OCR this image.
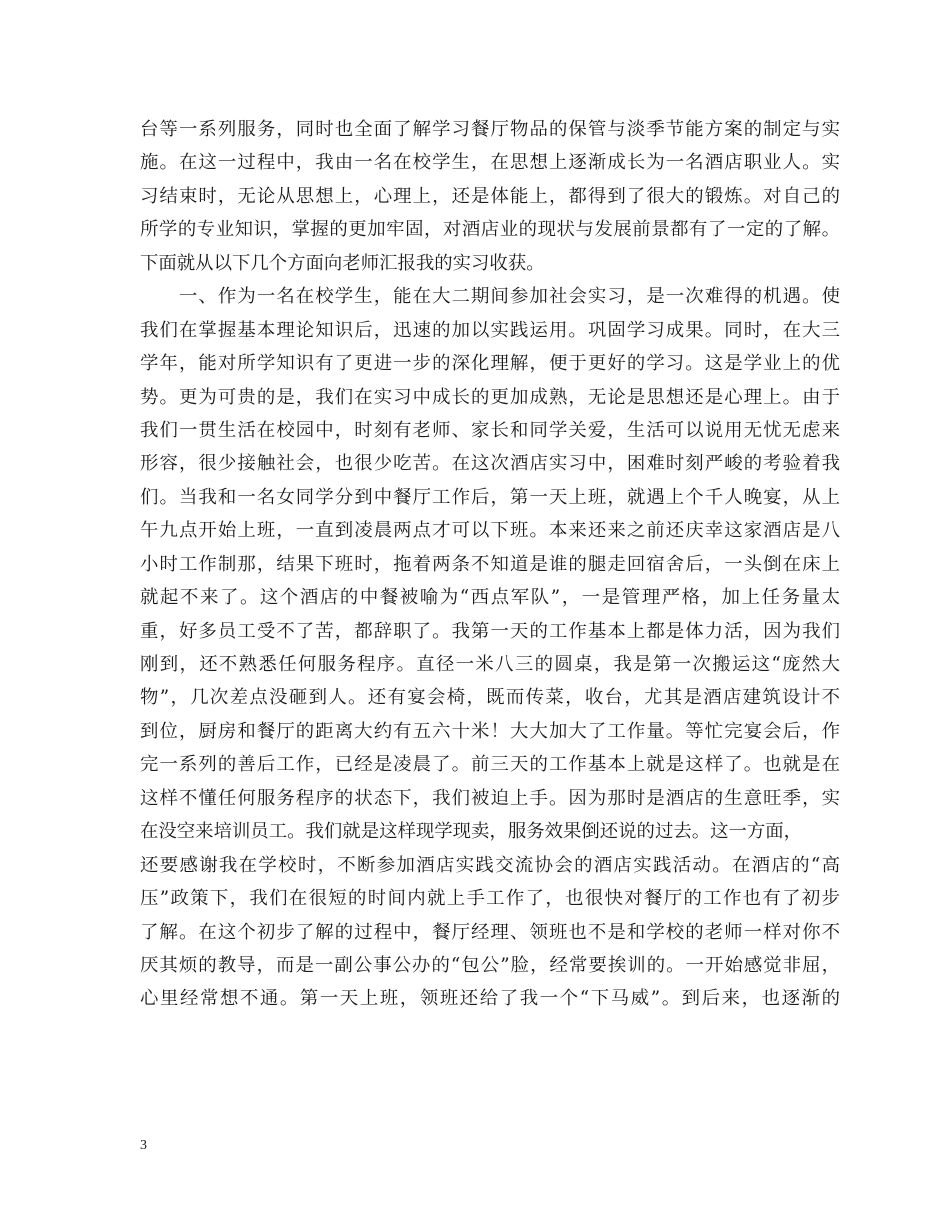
台等一系列服务，同时也全面了解学习餐厅物品的保管与淡季节能方案的制定与实
施。在这一过程中，我由一名在校学生，在思想上逐渐成长为一名酒店职业人。实
习结束时，无论从思想上，心理上，还是体能上，都得到了很大的锻炼。对自己的
所学的专业知识，掌握的更加牢固，对酒店业的现状与发展前景都有了一定的了解。
下面就从以下几个方面向老师汇报我的实习收获。
　　一、作为一名在校学生，能在大二期间参加社会实习，是一次难得的机遇。使
我们在掌握基本理论知识后，迅速的加以实践运用。巩固学习成果。同时，在大三
学年，能对所学知识有了更进一步的深化理解，便于更好的学习。这是学业上的优
势。更为可贵的是，我们在实习中成长的更加成熟，无论是思想还是心理上。由于
我们一贯生活在校园中，时刻有老师、家长和同学关爱，生活可以说用无忧无虑来
形容，很少接触社会，也很少吃苦。在这次酒店实习中，困难时刻严峻的考验着我
们。当我和一名女同学分到中餐厅工作后，第一天上班，就遇上个千人晚宴，从上
午九点开始上班，一直到凌晨两点才可以下班。本来还来之前还庆幸这家酒店是八
小时工作制那，结果下班时，拖着两条不知道是谁的腿走回宿舍后，一头倒在床上
就起不来了。这个酒店的中餐被喻为“西点军队”，一是管理严格，加上任务量太
重，好多员工受不了苦，都辞职了。我第一天的工作基本上都是体力活，因为我们
刚到，还不熟悉任何服务程序。直径一米八三的圆桌，我是第一次搬运这“庞然大
物”，几次差点没砸到人。还有宴会椅，既而传菜，收台，尤其是酒店建筑设计不
到位，厨房和餐厅的距离大约有五六十米！大大加大了工作量。等忙完宴会后，作
完一系列的善后工作，已经是凌晨了。前三天的工作基本上就是这样了。也就是在
这样不懂任何服务程序的状态下，我们被迫上手。因为那时是酒店的生意旺季，实
在没空来培训员工。我们就是这样现学现卖，服务效果倒还说的过去。这一方面，
还要感谢我在学校时，不断参加酒店实践交流协会的酒店实践活动。在酒店的“高
压”政策下，我们在很短的时间内就上手工作了，也很快对餐厅的工作也有了初步
了解。在这个初步了解的过程中，餐厅经理、领班也不是和学校的老师一样对你不
厌其烦的教导，而是一副公事公办的“包公”脸，经常要挨训的。一开始感觉非屈，
心里经常想不通。第一天上班，领班还给了我一个“下马威”。到后来，也逐渐的
3
